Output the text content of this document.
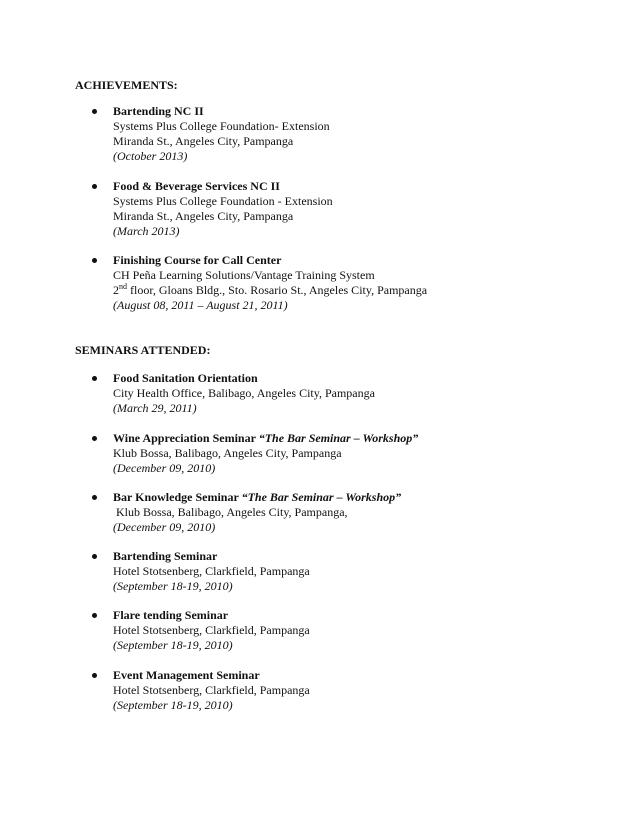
ACHIEVEMENTS:
Bartending NC II
Systems Plus College Foundation- Extension
Miranda St., Angeles City, Pampanga
(October 2013)
Food & Beverage Services NC II
Systems Plus College Foundation - Extension
Miranda St., Angeles City, Pampanga
(March 2013)
Finishing Course for Call Center
CH Peña Learning Solutions/Vantage Training System
2nd floor, Gloans Bldg., Sto. Rosario St., Angeles City, Pampanga
(August 08, 2011 – August 21, 2011)
SEMINARS ATTENDED:
Food Sanitation Orientation
City Health Office, Balibago, Angeles City, Pampanga
(March 29, 2011)
Wine Appreciation Seminar “The Bar Seminar – Workshop”
Klub Bossa, Balibago, Angeles City, Pampanga
(December 09, 2010)
Bar Knowledge Seminar “The Bar Seminar – Workshop”
Klub Bossa, Balibago, Angeles City, Pampanga,
(December 09, 2010)
Bartending Seminar
Hotel Stotsenberg, Clarkfield, Pampanga
(September 18-19, 2010)
Flare tending Seminar
Hotel Stotsenberg, Clarkfield, Pampanga
(September 18-19, 2010)
Event Management Seminar
Hotel Stotsenberg, Clarkfield, Pampanga
(September 18-19, 2010)
